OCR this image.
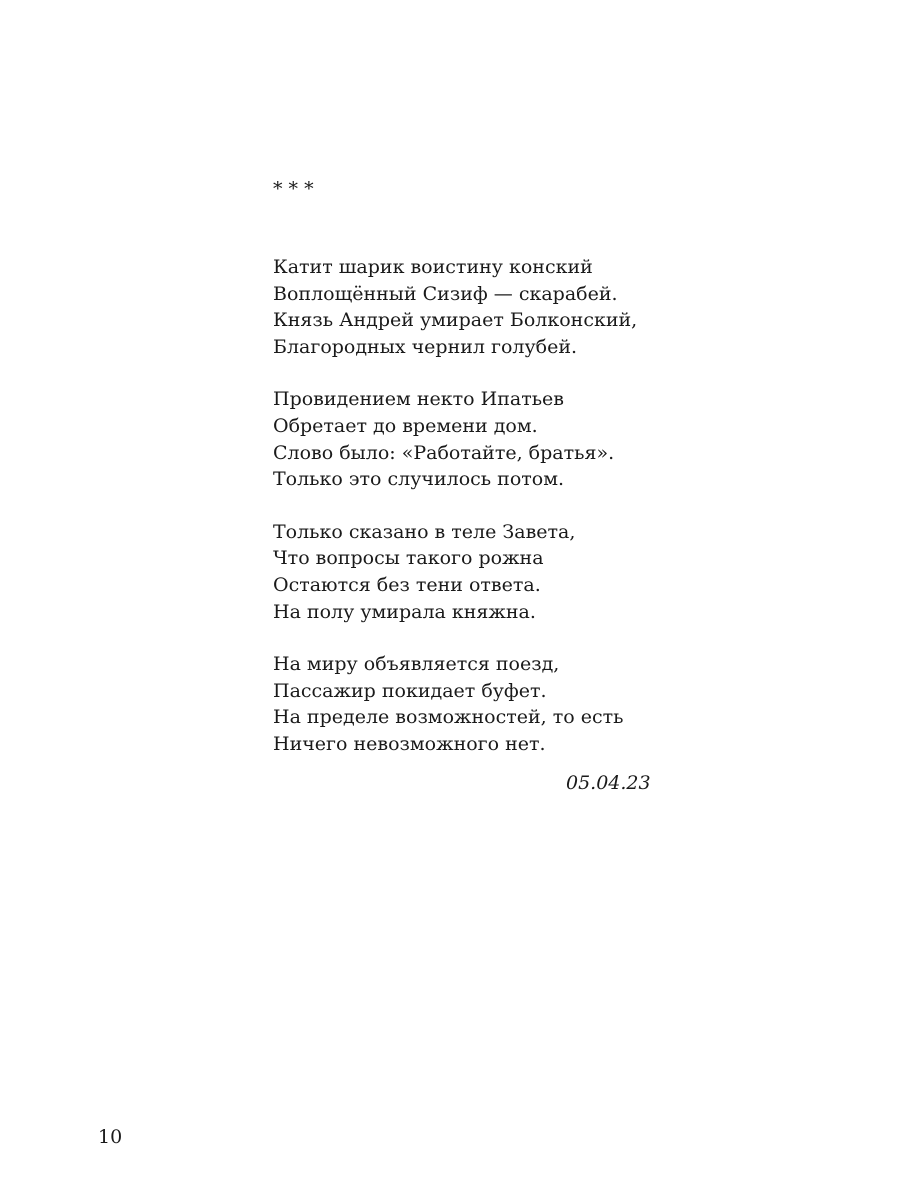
* * *
Катит шарик воистину конский
Воплощённый Сизиф — скарабей.
Князь Андрей умирает Болконский,
Благородных чернил голубей.
Провидением некто Ипатьев
Обретает до времени дом.
Слово было: «Работайте, братья».
Только это случилось потом.
Только сказано в теле Завета,
Что вопросы такого рожна
Остаются без тени ответа.
На полу умирала княжна.
На миру объявляется поезд,
Пассажир покидает буфет.
На пределе возможностей, то есть
Ничего невозможного нет.
05.04.23
10
